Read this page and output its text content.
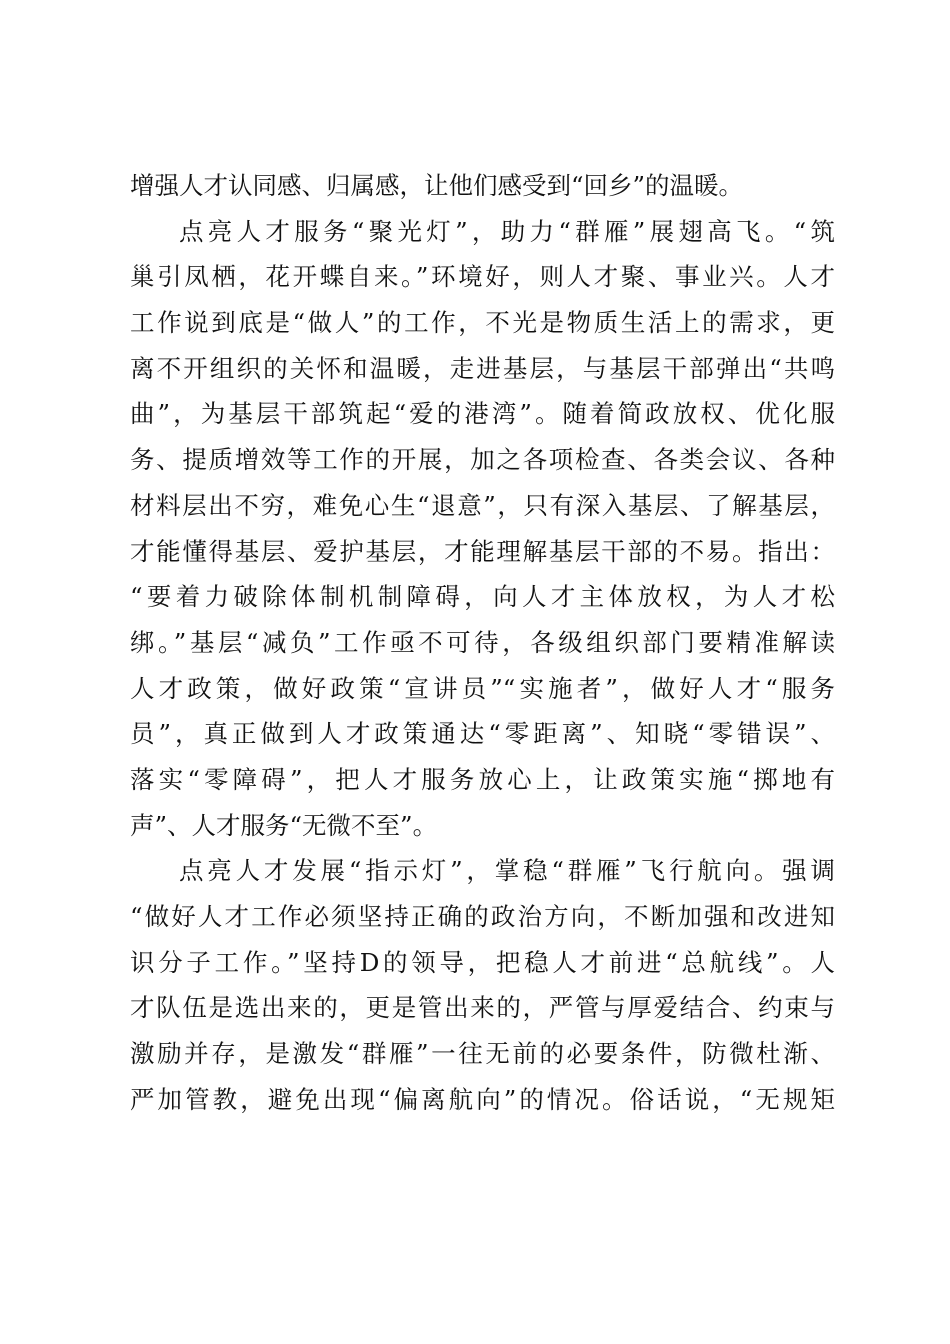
增强人才认同感、归属感，让他们感受到“回乡”的温暖。
点亮人才服务“聚光灯”，助力“群雁”展翅高飞。“筑
巢引凤栖，花开蝶自来。”环境好，则人才聚、事业兴。人才
工作说到底是“做人”的工作，不光是物质生活上的需求，更
离不开组织的关怀和温暖，走进基层，与基层干部弹出“共鸣
曲”，为基层干部筑起“爱的港湾”。随着简政放权、优化服
务、提质增效等工作的开展，加之各项检查、各类会议、各种
材料层出不穷，难免心生“退意”，只有深入基层、了解基层，
才能懂得基层、爱护基层，才能理解基层干部的不易。指出：
“要着力破除体制机制障碍，向人才主体放权，为人才松
绑。”基层“减负”工作亟不可待，各级组织部门要精准解读
人才政策，做好政策“宣讲员”“实施者”，做好人才“服务
员”，真正做到人才政策通达“零距离”、知晓“零错误”、
落实“零障碍”，把人才服务放心上，让政策实施“掷地有
声”、人才服务“无微不至”。
点亮人才发展“指示灯”，掌稳“群雁”飞行航向。强调
“做好人才工作必须坚持正确的政治方向，不断加强和改进知
识分子工作。”坚持D的领导，把稳人才前进“总航线”。人
才队伍是选出来的，更是管出来的，严管与厚爱结合、约束与
激励并存，是激发“群雁”一往无前的必要条件，防微杜渐、
严加管教，避免出现“偏离航向”的情况。俗话说，“无规矩
